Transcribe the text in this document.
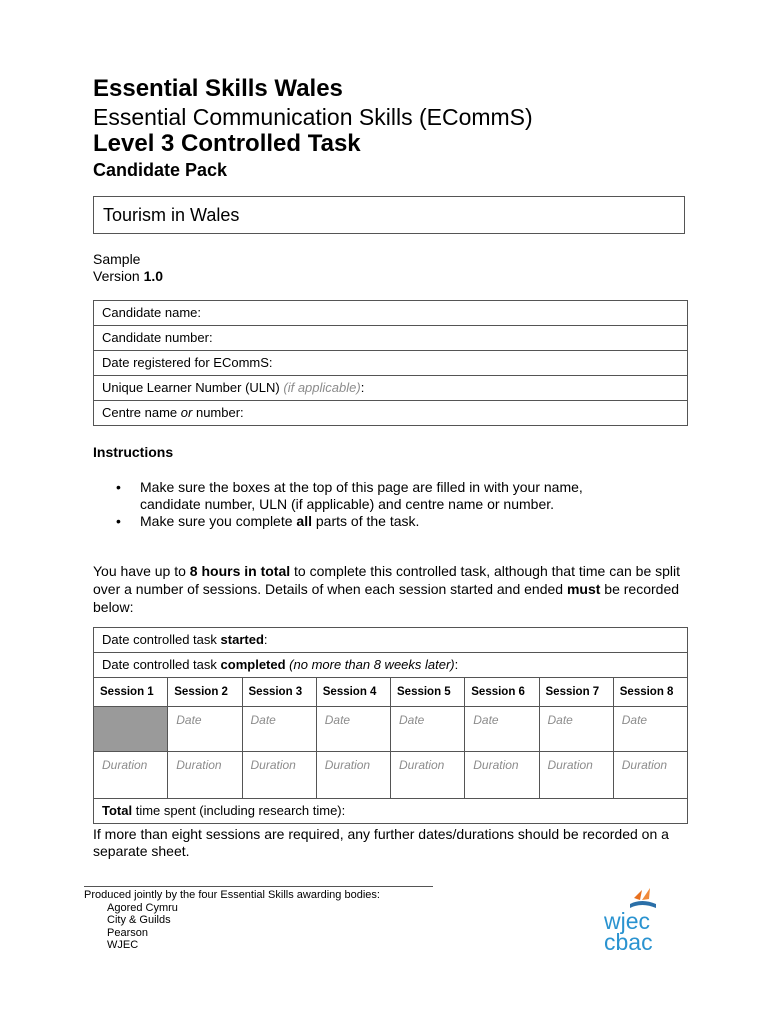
Essential Skills Wales
Essential Communication Skills (ECommS)
Level 3 Controlled Task
Candidate Pack
Tourism in Wales
Sample
Version 1.0
Candidate name:
Candidate number:
Date registered for ECommS:
Unique Learner Number (ULN) (if applicable):
Centre name or number:
Instructions
• Make sure the boxes at the top of this page are filled in with your name, candidate number, ULN (if applicable) and centre name or number.
• Make sure you complete all parts of the task.

You have up to 8 hours in total to complete this controlled task, although that time can be split over a number of sessions. Details of when each session started and ended must be recorded below:

Date controlled task started:							
Date controlled task completed (no more than 8 weeks later):							
Session 1	Session 2	Session 3	Session 4	Session 5	Session 6	Session 7	Session 8
	Date	Date	Date	Date	Date	Date	Date
Duration	Duration	Duration	Duration	Duration	Duration	Duration	Duration
Total time spent (including research time):							

If more than eight sessions are required, any further dates/durations should be recorded on a separate sheet.

Produced jointly by the four Essential Skills awarding bodies:
Agored Cymru
City & Guilds
Pearson
WJEC
wjec
cbac
